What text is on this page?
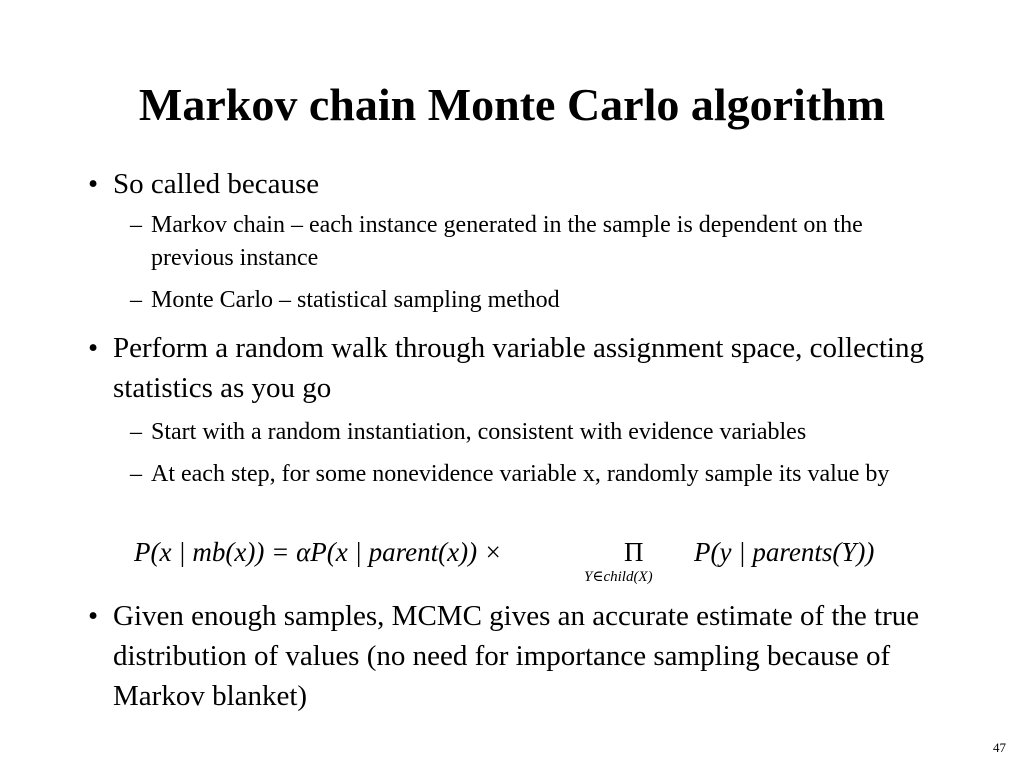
Markov chain Monte Carlo algorithm
• So called because
– Markov chain – each instance generated in the sample is dependent on the previous instance
– Monte Carlo – statistical sampling method
• Perform a random walk through variable assignment space, collecting statistics as you go
– Start with a random instantiation, consistent with evidence variables
– At each step, for some nonevidence variable x, randomly sample its value by
P(x | mb(x)) = αP(x | parent(x)) ×	Π
Y∈child(X)
P(y | parents(Y))
• Given enough samples, MCMC gives an accurate estimate of the true distribution of values (no need for importance sampling because of Markov blanket)
47
